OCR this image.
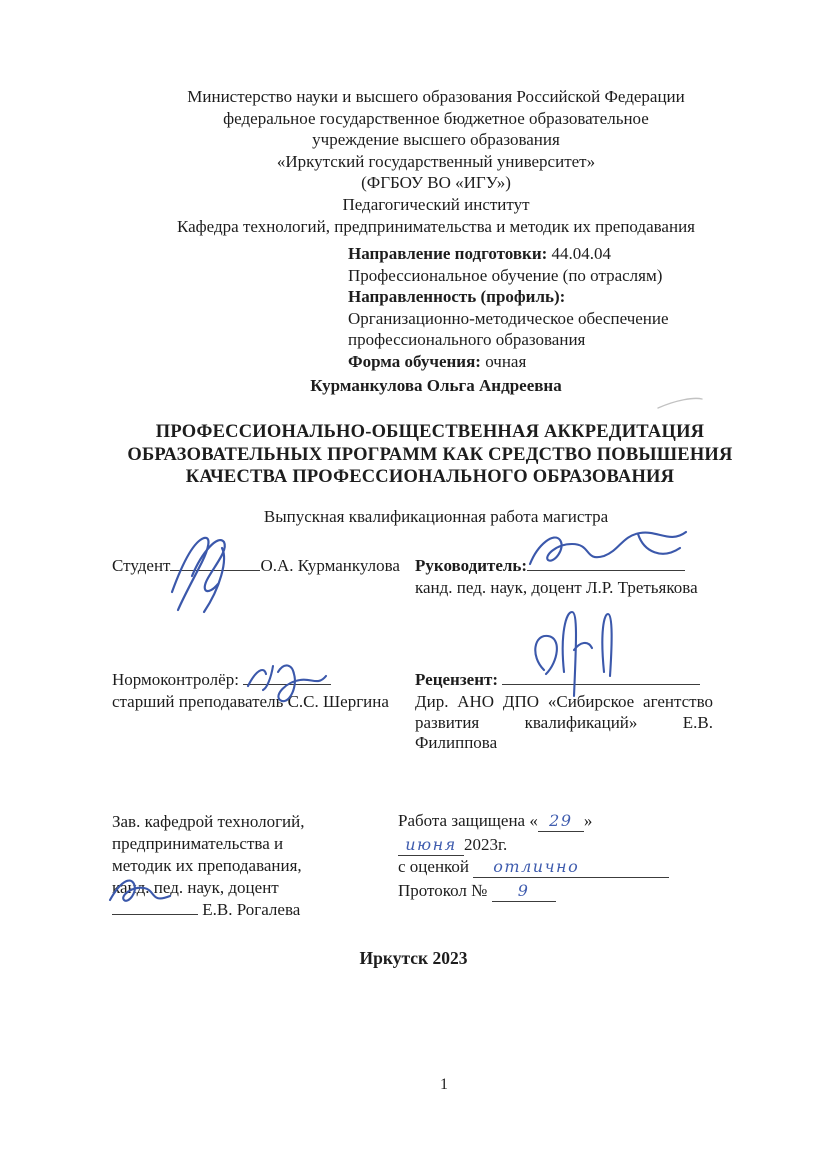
Министерство науки и высшего образования Российской Федерации
федеральное государственное бюджетное образовательное
учреждение высшего образования
«Иркутский государственный университет»
(ФГБОУ ВО «ИГУ»)
Педагогический институт
Кафедра технологий, предпринимательства и методик их преподавания
Направление подготовки: 44.04.04
Профессиональное обучение (по отраслям)
Направленность (профиль):
Организационно-методическое обеспечение
профессионального образования
Форма обучения: очная
Курманкулова Ольга Андреевна
ПРОФЕССИОНАЛЬНО-ОБЩЕСТВЕННАЯ АККРЕДИТАЦИЯ
ОБРАЗОВАТЕЛЬНЫХ ПРОГРАММ КАК СРЕДСТВО ПОВЫШЕНИЯ
КАЧЕСТВА ПРОФЕССИОНАЛЬНОГО ОБРАЗОВАНИЯ
Выпускная квалификационная работа магистра
Студент	О.А. Курманкулова Руководитель:
канд. пед. наук, доцент Л.Р. Третьякова
Нормоконтролёр:
старший преподаватель С.С. Шергина
Рецензент:
Дир. АНО ДПО «Сибирское агентство
развития квалификаций» Е.В. Филиппова
Зав. кафедрой технологий,
предпринимательства и
методик их преподавания,
канд. пед. наук, доцент
Е.В. Рогалева
Работа защищена « 29 »
июня 2023г.
с оценкой отлично
Протокол № 9
Иркутск 2023
1
